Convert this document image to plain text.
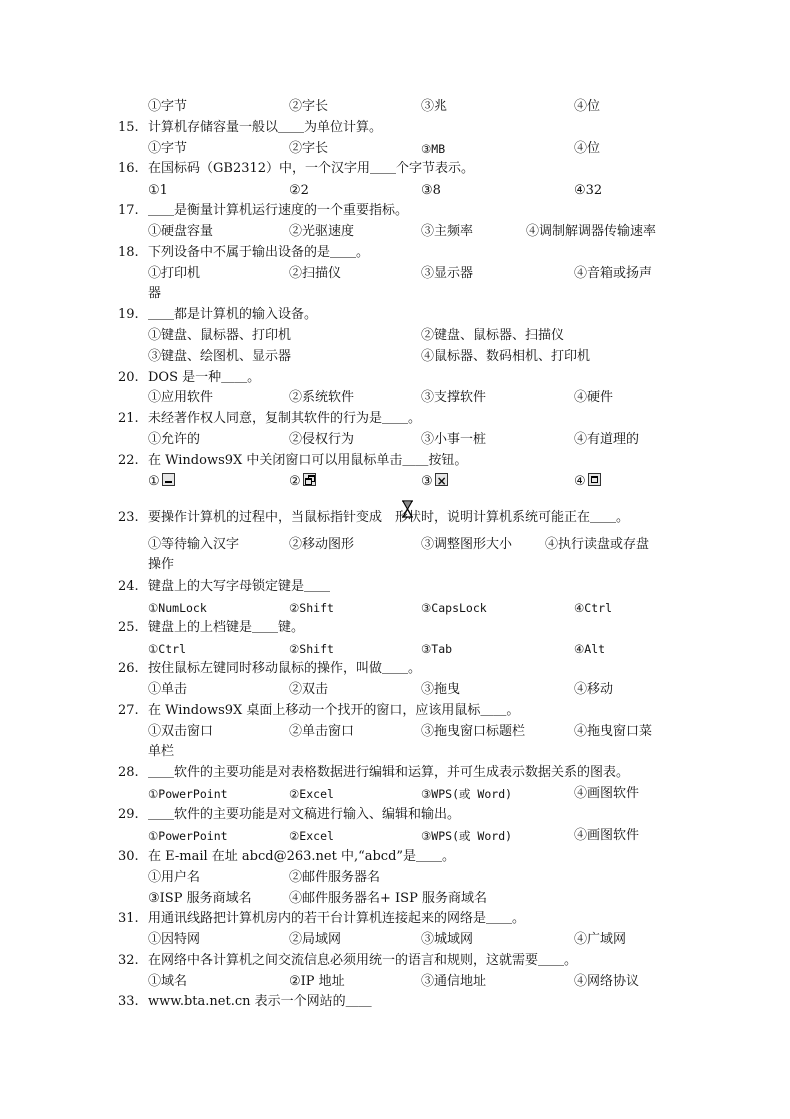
①字节	②字长	③兆	④位
15. 计算机存储容量一般以＿＿为单位计算。
①字节	②字长	③MB	④位
16. 在国标码（GB2312）中，一个汉字用＿＿个字节表示。
①1	②2	③8	④32
17. ＿＿是衡量计算机运行速度的一个重要指标。
①硬盘容量	②光驱速度	③主频率	④调制解调器传输速率
18. 下列设备中不属于输出设备的是＿＿。
①打印机	②扫描仪	③显示器	④音箱或扬声
器
19. ＿＿都是计算机的输入设备。
①键盘、鼠标器、打印机	②键盘、鼠标器、扫描仪
③键盘、绘图机、显示器	④鼠标器、数码相机、打印机
20. DOS 是一种＿＿。
①应用软件	②系统软件	③支撑软件	④硬件
21. 未经著作权人同意，复制其软件的行为是＿＿。
①允许的	②侵权行为	③小事一桩	④有道理的
22. 在 Windows9X 中关闭窗口可以用鼠标单击＿＿按钮。
①	②	③×	④
23. 要操作计算机的过程中，当鼠标指针变成 形状时，说明计算机系统可能正在＿＿。
①等待输入汉字	②移动图形	③调整图形大小	④执行读盘或存盘
操作
24. 键盘上的大写字母锁定键是＿＿
①NumLock	②Shift	③CapsLock	④Ctrl
25. 键盘上的上档键是＿＿键。
①Ctrl	②Shift	③Tab	④Alt
26. 按住鼠标左键同时移动鼠标的操作，叫做＿＿。
①单击	②双击	③拖曳	④移动
27. 在 Windows9X 桌面上移动一个找开的窗口，应该用鼠标＿＿。
①双击窗口	②单击窗口	③拖曳窗口标题栏	④拖曳窗口菜
单栏
28. ＿＿软件的主要功能是对表格数据进行编辑和运算，并可生成表示数据关系的图表。
①PowerPoint	②Excel	③WPS(或 Word)	④画图软件
29. ＿＿软件的主要功能是对文稿进行输入、编辑和输出。
①PowerPoint	②Excel	③WPS(或 Word)	④画图软件
30. 在 E-mail 在址 abcd@263.net 中,“abcd”是＿＿。
①用户名	②邮件服务器名
③ISP 服务商域名	④邮件服务器名+ ISP 服务商域名
31. 用通讯线路把计算机房内的若干台计算机连接起来的网络是＿＿。
①因特网	②局域网	③城域网	④广域网
32. 在网络中各计算机之间交流信息必须用统一的语言和规则，这就需要＿＿。
①域名	②IP 地址	③通信地址	④网络协议
33. www.bta.net.cn 表示一个网站的＿＿
